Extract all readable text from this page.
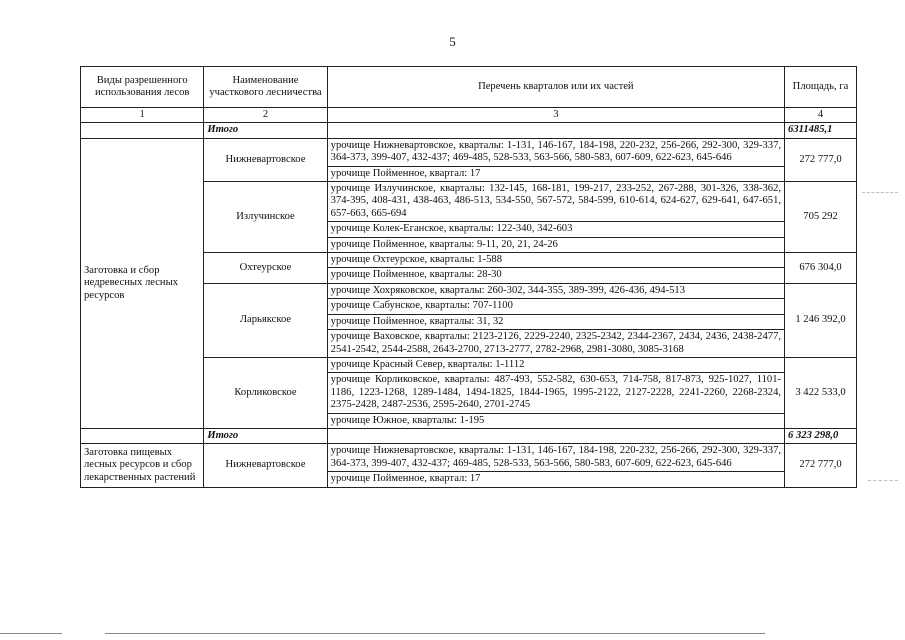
5
Виды разрешенного использования лесов	Наименование участкового лесничества	Перечень кварталов или их частей	Площадь, га
1	2	3	4
	Итого		6311485,1
Заготовка и сбор недревесных лесных ресурсов	Нижневартовское	урочище Нижневартовское, кварталы: 1-131, 146-167, 184-198, 220-232, 256-266, 292-300, 329-337, 364-373, 399-407, 432-437; 469-485, 528-533, 563-566, 580-583, 607-609, 622-623, 645-646	272 777,0
		урочище Пойменное, квартал: 17	
	Излучинское	урочище Излучинское, кварталы: 132-145, 168-181, 199-217, 233-252, 267-288, 301-326, 338-362, 374-395, 408-431, 438-463, 486-513, 534-550, 567-572, 584-599, 610-614, 624-627, 629-641, 647-651, 657-663, 665-694	705 292
		урочище Колек-Еганское, кварталы: 122-340, 342-603	
		урочище Пойменное, кварталы: 9-11, 20, 21, 24-26	
	Охтеурское	урочище Охтеурское, кварталы: 1-588	676 304,0
		урочище Пойменное, кварталы: 28-30	
	Ларьякское	урочище Хохряковское, кварталы: 260-302, 344-355, 389-399, 426-436, 494-513	1 246 392,0
		урочище Сабунское, кварталы: 707-1100	
		урочище Пойменное, кварталы: 31, 32	
		урочище Ваховское, кварталы: 2123-2126, 2229-2240, 2325-2342, 2344-2367, 2434, 2436, 2438-2477, 2541-2542, 2544-2588, 2643-2700, 2713-2777, 2782-2968, 2981-3080, 3085-3168	
	Корликовское	урочище Красный Север, кварталы: 1-1112	3 422 533,0
		урочище Корликовское, кварталы: 487-493, 552-582, 630-653, 714-758, 817-873, 925-1027, 1101-1186, 1223-1268, 1289-1484, 1494-1825, 1844-1965, 1995-2122, 2127-2228, 2241-2260, 2268-2324, 2375-2428, 2487-2536, 2595-2640, 2701-2745	
		урочище Южное, кварталы: 1-195	
	Итого		6 323 298,0
Заготовка пищевых лесных ресурсов и сбор лекарственных растений	Нижневартовское	урочище Нижневартовское, кварталы: 1-131, 146-167, 184-198, 220-232, 256-266, 292-300, 329-337, 364-373, 399-407, 432-437; 469-485, 528-533, 563-566, 580-583, 607-609, 622-623, 645-646	272 777,0
		урочище Пойменное, квартал: 17	
